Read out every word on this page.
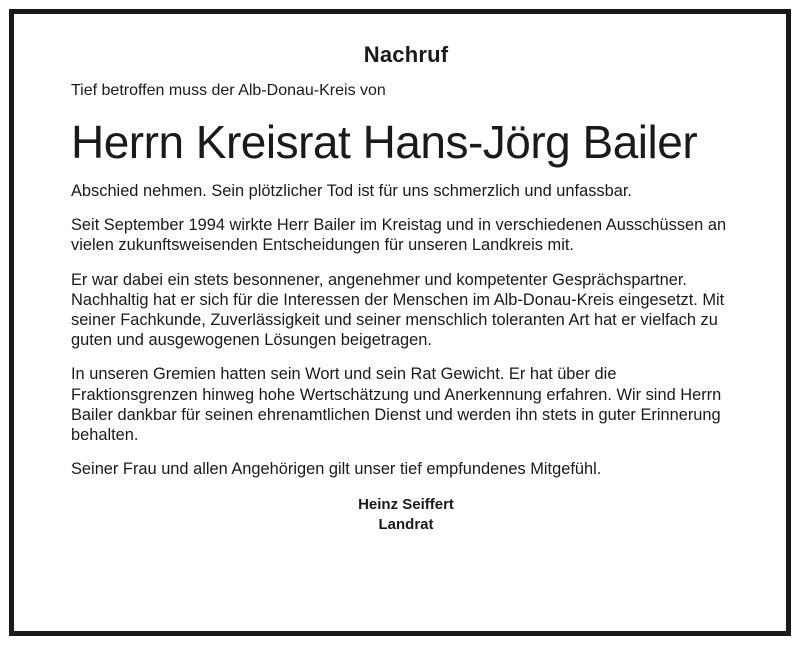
Nachruf

Tief betroffen muss der Alb-Donau-Kreis von

Herrn Kreisrat Hans-Jörg Bailer

Abschied nehmen. Sein plötzlicher Tod ist für uns schmerzlich und unfassbar.

Seit September 1994 wirkte Herr Bailer im Kreistag und in verschiedenen Ausschüssen an vielen zukunftsweisenden Entscheidungen für unseren Landkreis mit.

Er war dabei ein stets besonnener, angenehmer und kompetenter Gesprächspartner. Nachhaltig hat er sich für die Interessen der Menschen im Alb-Donau-Kreis eingesetzt. Mit seiner Fachkunde, Zuverlässigkeit und seiner menschlich toleranten Art hat er vielfach zu guten und ausgewogenen Lösungen beigetragen.

In unseren Gremien hatten sein Wort und sein Rat Gewicht. Er hat über die Fraktionsgrenzen hinweg hohe Wertschätzung und Anerkennung erfahren. Wir sind Herrn Bailer dankbar für seinen ehrenamtlichen Dienst und werden ihn stets in guter Erinnerung behalten.

Seiner Frau und allen Angehörigen gilt unser tief empfundenes Mitgefühl.

Heinz Seiffert
Landrat
